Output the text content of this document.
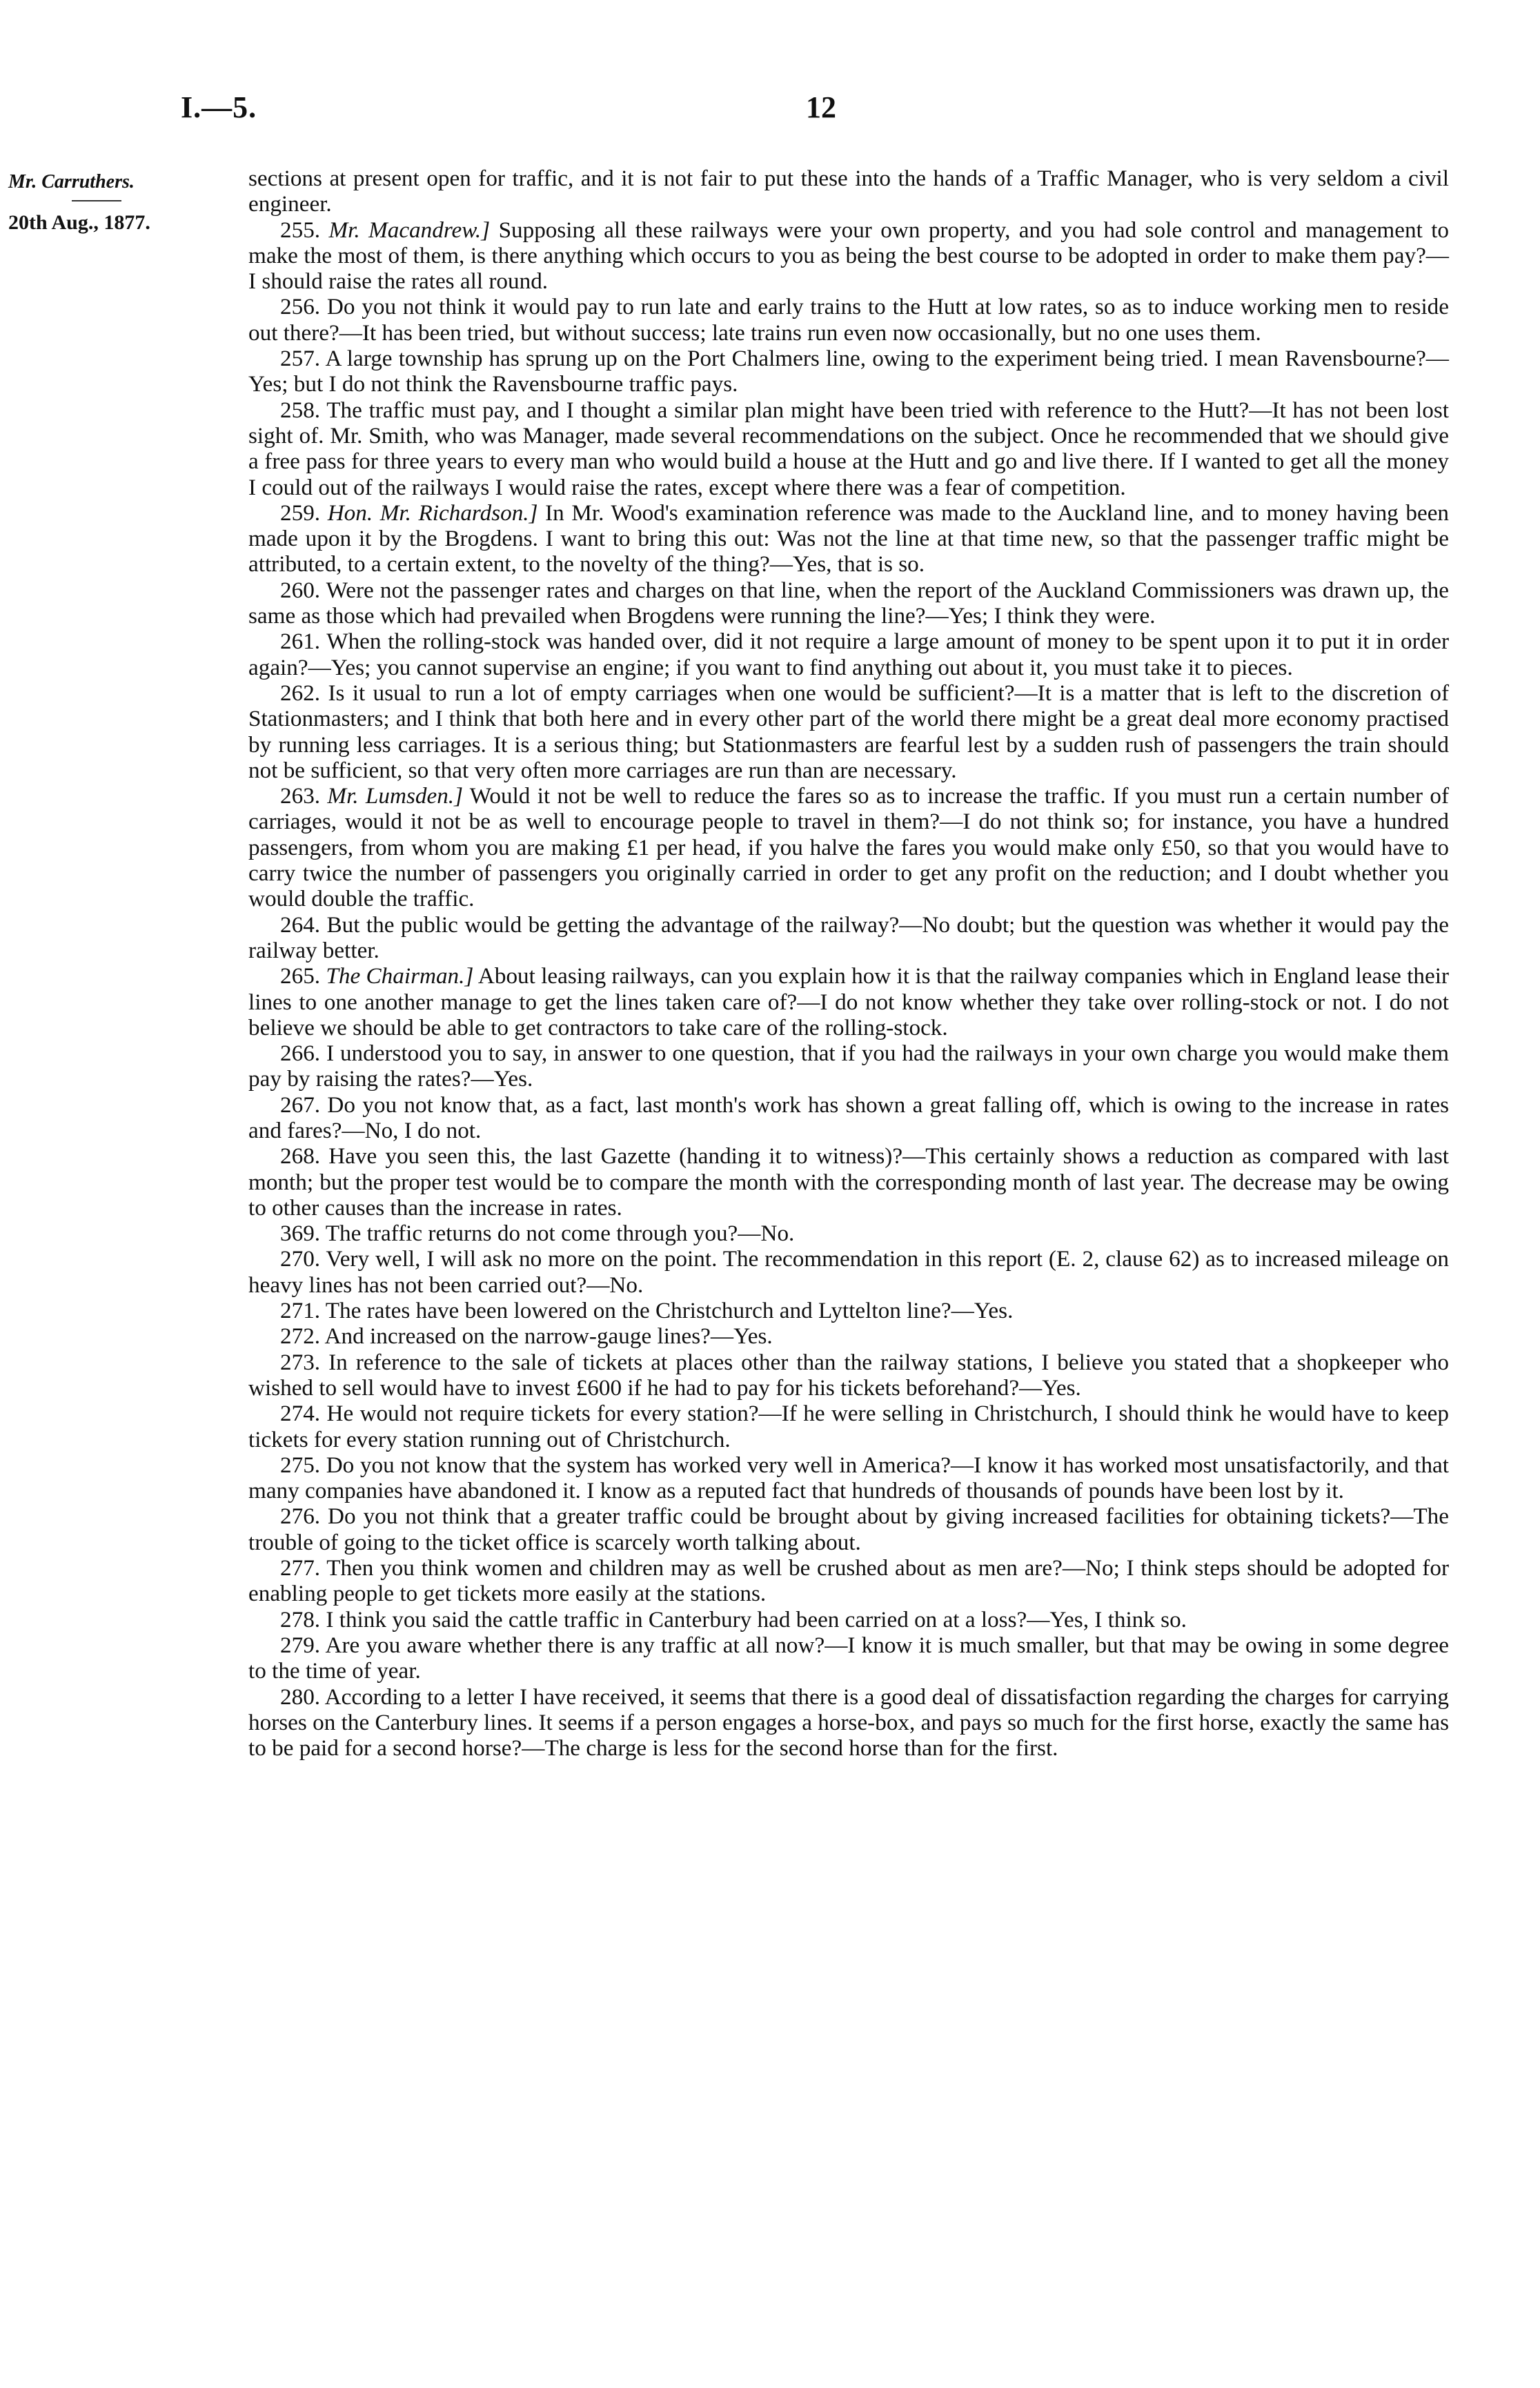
I.—5.	12
Mr. Carruthers.
20th Aug., 1877.

sections at present open for traffic, and it is not fair to put these into the hands of a Traffic Manager, who is very seldom a civil engineer.

255. Mr. Macandrew.] Supposing all these railways were your own property, and you had sole control and management to make the most of them, is there anything which occurs to you as being the best course to be adopted in order to make them pay?—I should raise the rates all round.

256. Do you not think it would pay to run late and early trains to the Hutt at low rates, so as to induce working men to reside out there?—It has been tried, but without success; late trains run even now occasionally, but no one uses them.

257. A large township has sprung up on the Port Chalmers line, owing to the experiment being tried. I mean Ravensbourne?—Yes; but I do not think the Ravensbourne traffic pays.

258. The traffic must pay, and I thought a similar plan might have been tried with reference to the Hutt?—It has not been lost sight of. Mr. Smith, who was Manager, made several recommendations on the subject. Once he recommended that we should give a free pass for three years to every man who would build a house at the Hutt and go and live there. If I wanted to get all the money I could out of the railways I would raise the rates, except where there was a fear of competition.

259. Hon. Mr. Richardson.] In Mr. Wood's examination reference was made to the Auckland line, and to money having been made upon it by the Brogdens. I want to bring this out: Was not the line at that time new, so that the passenger traffic might be attributed, to a certain extent, to the novelty of the thing?—Yes, that is so.

260. Were not the passenger rates and charges on that line, when the report of the Auckland Commissioners was drawn up, the same as those which had prevailed when Brogdens were running the line?—Yes; I think they were.

261. When the rolling-stock was handed over, did it not require a large amount of money to be spent upon it to put it in order again?—Yes; you cannot supervise an engine; if you want to find anything out about it, you must take it to pieces.

262. Is it usual to run a lot of empty carriages when one would be sufficient?—It is a matter that is left to the discretion of Stationmasters; and I think that both here and in every other part of the world there might be a great deal more economy practised by running less carriages. It is a serious thing; but Stationmasters are fearful lest by a sudden rush of passengers the train should not be sufficient, so that very often more carriages are run than are necessary.

263. Mr. Lumsden.] Would it not be well to reduce the fares so as to increase the traffic. If you must run a certain number of carriages, would it not be as well to encourage people to travel in them?—I do not think so; for instance, you have a hundred passengers, from whom you are making £1 per head, if you halve the fares you would make only £50, so that you would have to carry twice the number of passengers you originally carried in order to get any profit on the reduction; and I doubt whether you would double the traffic.

264. But the public would be getting the advantage of the railway?—No doubt; but the question was whether it would pay the railway better.

265. The Chairman.] About leasing railways, can you explain how it is that the railway companies which in England lease their lines to one another manage to get the lines taken care of?—I do not know whether they take over rolling-stock or not. I do not believe we should be able to get contractors to take care of the rolling-stock.

266. I understood you to say, in answer to one question, that if you had the railways in your own charge you would make them pay by raising the rates?—Yes.

267. Do you not know that, as a fact, last month's work has shown a great falling off, which is owing to the increase in rates and fares?—No, I do not.

268. Have you seen this, the last Gazette (handing it to witness)?—This certainly shows a reduction as compared with last month; but the proper test would be to compare the month with the corresponding month of last year. The decrease may be owing to other causes than the increase in rates.

369. The traffic returns do not come through you?—No.

270. Very well, I will ask no more on the point. The recommendation in this report (E. 2, clause 62) as to increased mileage on heavy lines has not been carried out?—No.

271. The rates have been lowered on the Christchurch and Lyttelton line?—Yes.

272. And increased on the narrow-gauge lines?—Yes.

273. In reference to the sale of tickets at places other than the railway stations, I believe you stated that a shopkeeper who wished to sell would have to invest £600 if he had to pay for his tickets beforehand?—Yes.

274. He would not require tickets for every station?—If he were selling in Christchurch, I should think he would have to keep tickets for every station running out of Christchurch.

275. Do you not know that the system has worked very well in America?—I know it has worked most unsatisfactorily, and that many companies have abandoned it. I know as a reputed fact that hundreds of thousands of pounds have been lost by it.

276. Do you not think that a greater traffic could be brought about by giving increased facilities for obtaining tickets?—The trouble of going to the ticket office is scarcely worth talking about.

277. Then you think women and children may as well be crushed about as men are?—No; I think steps should be adopted for enabling people to get tickets more easily at the stations.

278. I think you said the cattle traffic in Canterbury had been carried on at a loss?—Yes, I think so.

279. Are you aware whether there is any traffic at all now?—I know it is much smaller, but that may be owing in some degree to the time of year.

280. According to a letter I have received, it seems that there is a good deal of dissatisfaction regarding the charges for carrying horses on the Canterbury lines. It seems if a person engages a horse-box, and pays so much for the first horse, exactly the same has to be paid for a second horse?—The charge is less for the second horse than for the first.
